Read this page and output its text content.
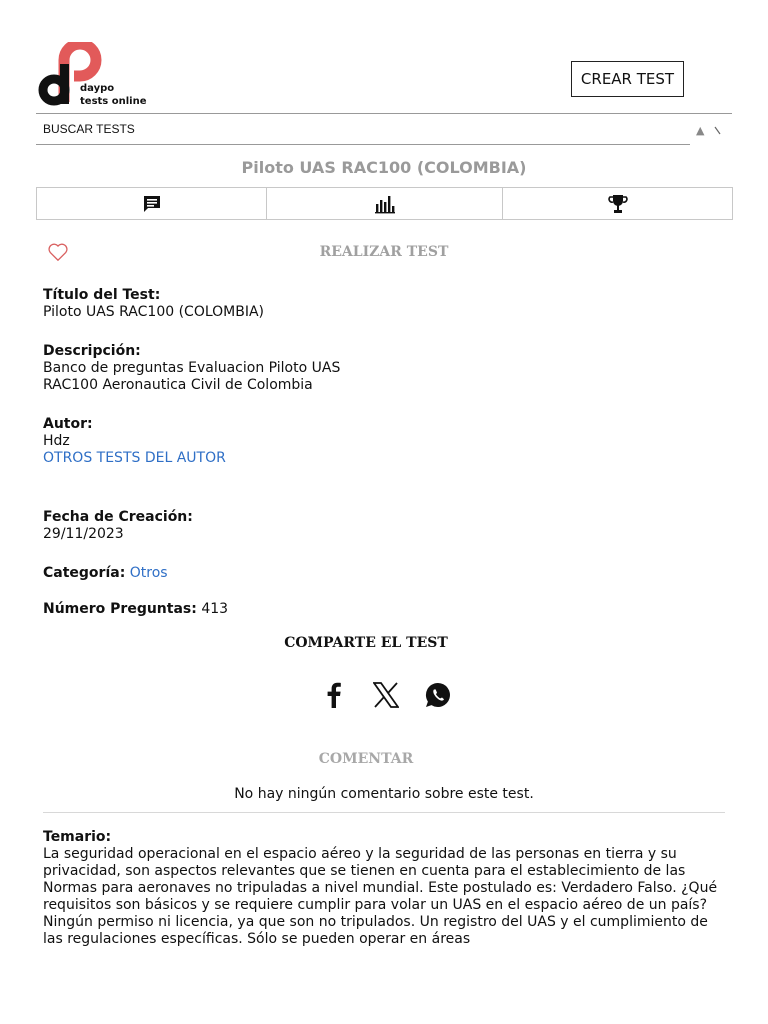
daypo
tests online
CREAR TEST
BUSCAR TESTS	▲
Piloto UAS RAC100 (COLOMBIA)
REALIZAR TEST
Título del Test:
Piloto UAS RAC100 (COLOMBIA)
Descripción:
Banco de preguntas Evaluacion Piloto UAS
RAC100 Aeronautica Civil de Colombia
Autor:
Hdz
OTROS TESTS DEL AUTOR
Fecha de Creación:
29/11/2023
Categoría: Otros
Número Preguntas: 413
COMPARTE EL TEST
COMENTAR
No hay ningún comentario sobre este test.
Temario:
La seguridad operacional en el espacio aéreo y la seguridad de las personas en tierra y su privacidad, son aspectos relevantes que se tienen en cuenta para el establecimiento de las Normas para aeronaves no tripuladas a nivel mundial. Este postulado es: Verdadero Falso. ¿Qué requisitos son básicos y se requiere cumplir para volar un UAS en el espacio aéreo de un país? Ningún permiso ni licencia, ya que son no tripulados. Un registro del UAS y el cumplimiento de las regulaciones específicas. Sólo se pueden operar en áreas
